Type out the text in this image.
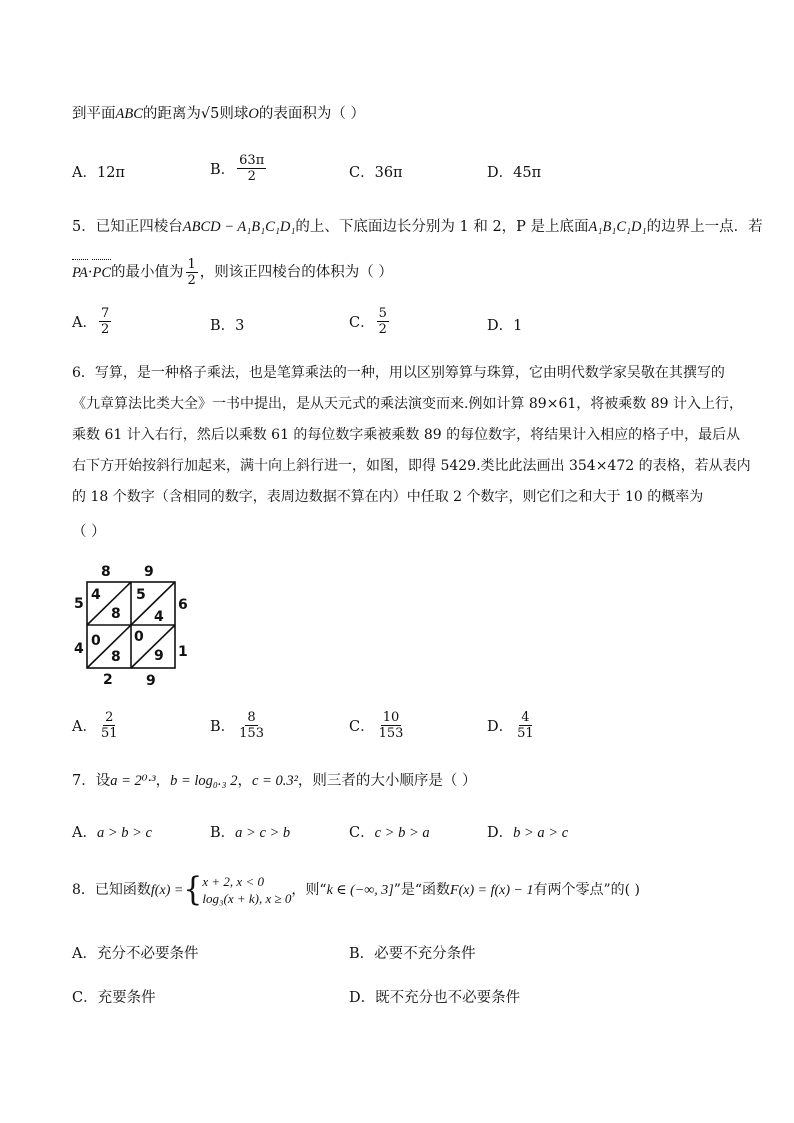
到平面ABC的距离为√5则球O的表面积为（ ）
A．12π	B． $\frac{63\pi}{2}$	C．36π	D．45π
5．已知正四棱台ABCD − A₁B₁C₁D₁的上、下底面边长分别为 1 和 2，P 是上底面A₁B₁C₁D₁的边界上一点．若
PA·PC的最小值为 $\frac{1}{2}$ ，则该正四棱台的体积为（ ）
A． $\frac{7}{2}$	B．3	C． $\frac{5}{2}$	D．1
6．写算，是一种格子乘法，也是笔算乘法的一种，用以区别筹算与珠算，它由明代数学家吴敬在其撰写的
《九章算法比类大全》一书中提出，是从天元式的乘法演变而来.例如计算 89×61，将被乘数 89 计入上行，
乘数 61 计入右行，然后以乘数 61 的每位数字乘被乘数 89 的每位数字，将结果计入相应的格子中，最后从
右下方开始按斜行加起来，满十向上斜行进一，如图，即得 5429.类比此法画出 354×472 的表格，若从表内
的 18 个数字（含相同的数字，表周边数据不算在内）中任取 2 个数字，则它们之和大于 10 的概率为
（ ）
8 9
5
4
6
1
2 9
4
8
5
4
0
8
0
9
A． $\frac{2}{51}$	B． $\frac{8}{153}$	C． $\frac{10}{153}$	D． $\frac{4}{51}$
7．设a = 2⁰·³，b = log₀.₃ 2，c = 0.3²，则三者的大小顺序是（ ）
A．a > b > c	B．a > c > b	C．c > b > a	D．b > a > c
8．已知函数f(x) ={ x + 2, x < 0
log₃(x + k), x ≥ 0
，则“k ∈ (−∞, 3]”是“函数F(x) = f(x) − 1有两个零点”的( )
A．充分不必要条件	B．必要不充分条件
C．充要条件	D．既不充分也不必要条件
